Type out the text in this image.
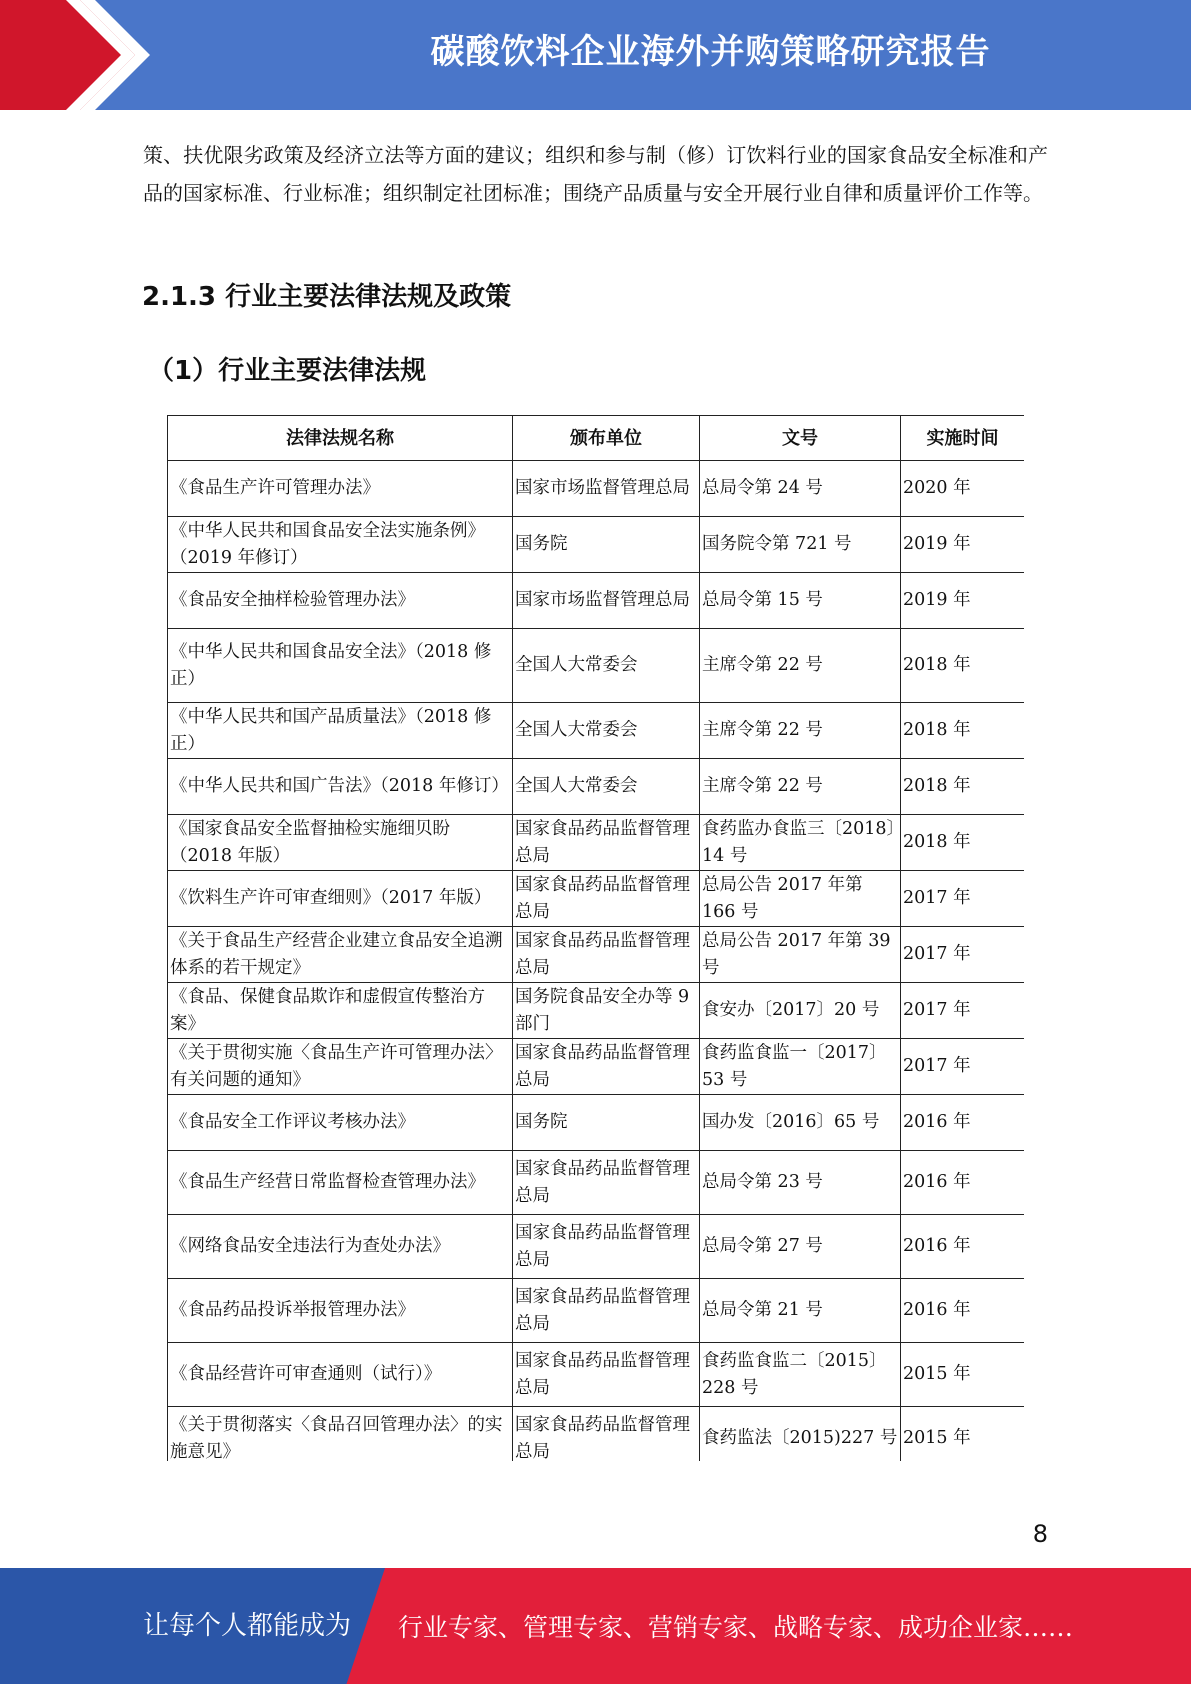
碳酸饮料企业海外并购策略研究报告
策、扶优限劣政策及经济立法等方面的建议；组织和参与制（修）订饮料行业的国家食品安全标准和产品的国家标准、行业标准；组织制定社团标准；围绕产品质量与安全开展行业自律和质量评价工作等。
2.1.3 行业主要法律法规及政策
（1）行业主要法律法规
法律法规名称	颁布单位	文号	实施时间
《食品生产许可管理办法》	国家市场监督管理总局	总局令第 24 号	2020 年
《中华人民共和国食品安全法实施条例》（2019 年修订）	国务院	国务院令第 721 号	2019 年
《食品安全抽样检验管理办法》	国家市场监督管理总局	总局令第 15 号	2019 年
《中华人民共和国食品安全法》（2018 修正）	全国人大常委会	主席令第 22 号	2018 年
《中华人民共和国产品质量法》（2018 修正）	全国人大常委会	主席令第 22 号	2018 年
《中华人民共和国广告法》（2018 年修订）	全国人大常委会	主席令第 22 号	2018 年
《国家食品安全监督抽检实施细贝盼（2018 年版）	国家食品药品监督管理总局	食药监办食监三〔2018〕14 号	2018 年
《饮料生产许可审查细则》（2017 年版）	国家食品药品监督管理总局	总局公告 2017 年第 166 号	2017 年
《关于食品生产经营企业建立食品安全追溯体系的若干规定》	国家食品药品监督管理总局	总局公告 2017 年第 39 号	2017 年
《食品、保健食品欺诈和虚假宣传整治方案》	国务院食品安全办等 9 部门	食安办〔2017〕20 号	2017 年
《关于贯彻实施〈食品生产许可管理办法〉有关问题的通知》	国家食品药品监督管理总局	食药监食监一〔2017〕53 号	2017 年
《食品安全工作评议考核办法》	国务院	国办发〔2016〕65 号	2016 年
《食品生产经营日常监督检查管理办法》	国家食品药品监督管理总局	总局令第 23 号	2016 年
《网络食品安全违法行为查处办法》	国家食品药品监督管理总局	总局令第 27 号	2016 年
《食品药品投诉举报管理办法》	国家食品药品监督管理总局	总局令第 21 号	2016 年
《食品经营许可审查通则（试行）》	国家食品药品监督管理总局	食药监食监二〔2015〕228 号	2015 年
《关于贯彻落实〈食品召回管理办法〉的实施意见》	国家食品药品监督管理总局	食药监法〔2015)227 号	2015 年
8
让每个人都能成为 行业专家、管理专家、营销专家、战略专家、成功企业家……
